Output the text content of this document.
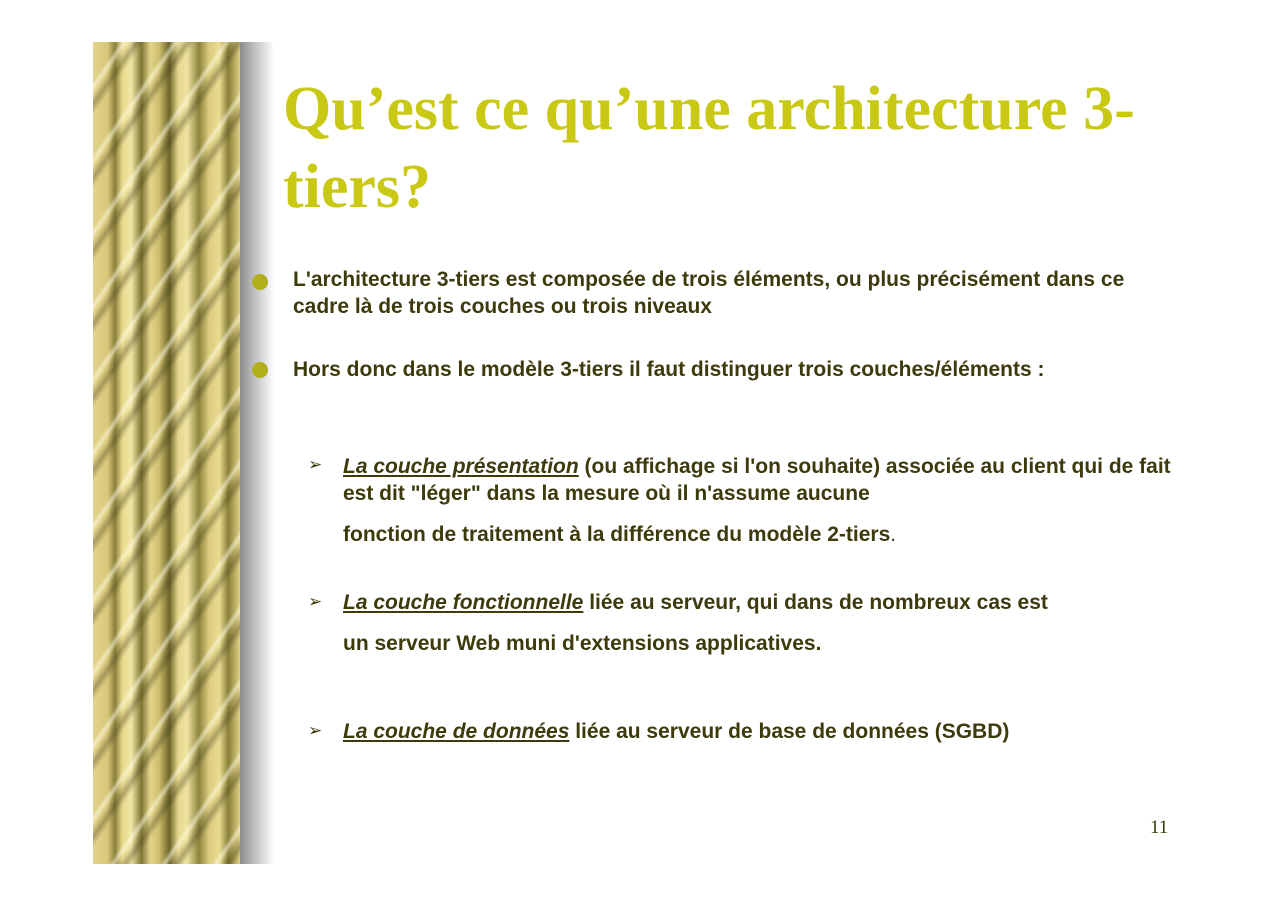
Qu’est ce qu’une architecture 3-tiers?
L'architecture 3-tiers est composée de trois éléments, ou plus précisément dans ce cadre là de trois couches ou trois niveaux
Hors donc dans le modèle 3-tiers il faut distinguer trois couches/éléments :
➢ La couche présentation (ou affichage si l'on souhaite) associée au client qui de fait est dit "léger" dans la mesure où il n'assume aucune
fonction de traitement à la différence du modèle 2-tiers.
➢ La couche fonctionnelle liée au serveur, qui dans de nombreux cas est
un serveur Web muni d'extensions applicatives.
➢ La couche de données liée au serveur de base de données (SGBD)
11
